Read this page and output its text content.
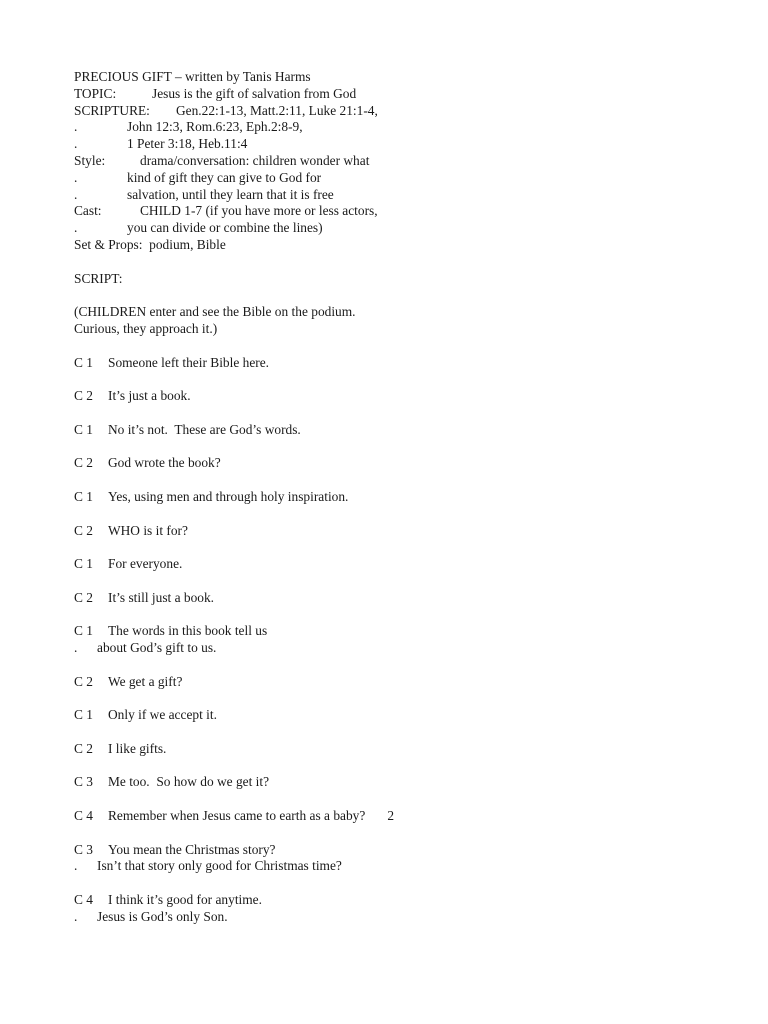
PRECIOUS GIFT – written by Tanis Harms
TOPIC:	Jesus is the gift of salvation from God
SCRIPTURE: Gen.22:1-13, Matt.2:11, Luke 21:1-4,
.	John 12:3, Rom.6:23, Eph.2:8-9,
.	1 Peter 3:18, Heb.11:4
Style:	drama/conversation: children wonder what
.	kind of gift they can give to God for
.	salvation, until they learn that it is free
Cast:	CHILD 1-7 (if you have more or less actors,
.	you can divide or combine the lines)
Set & Props:  podium, Bible
SCRIPT:
(CHILDREN enter and see the Bible on the podium.
Curious, they approach it.)
C 1 Someone left their Bible here.
C 2 It’s just a book.
C 1 No it’s not.  These are God’s words.
C 2 God wrote the book?
C 1 Yes, using men and through holy inspiration.
C 2 WHO is it for?
C 1 For everyone.
C 2 It’s still just a book.
C 1 The words in this book tell us
. about God’s gift to us.
C 2 We get a gift?
C 1 Only if we accept it.
C 2 I like gifts.
C 3 Me too.  So how do we get it?
C 4 Remember when Jesus came to earth as a baby? 2
C 3 You mean the Christmas story?
. Isn’t that story only good for Christmas time?
C 4 I think it’s good for anytime.
. Jesus is God’s only Son.
